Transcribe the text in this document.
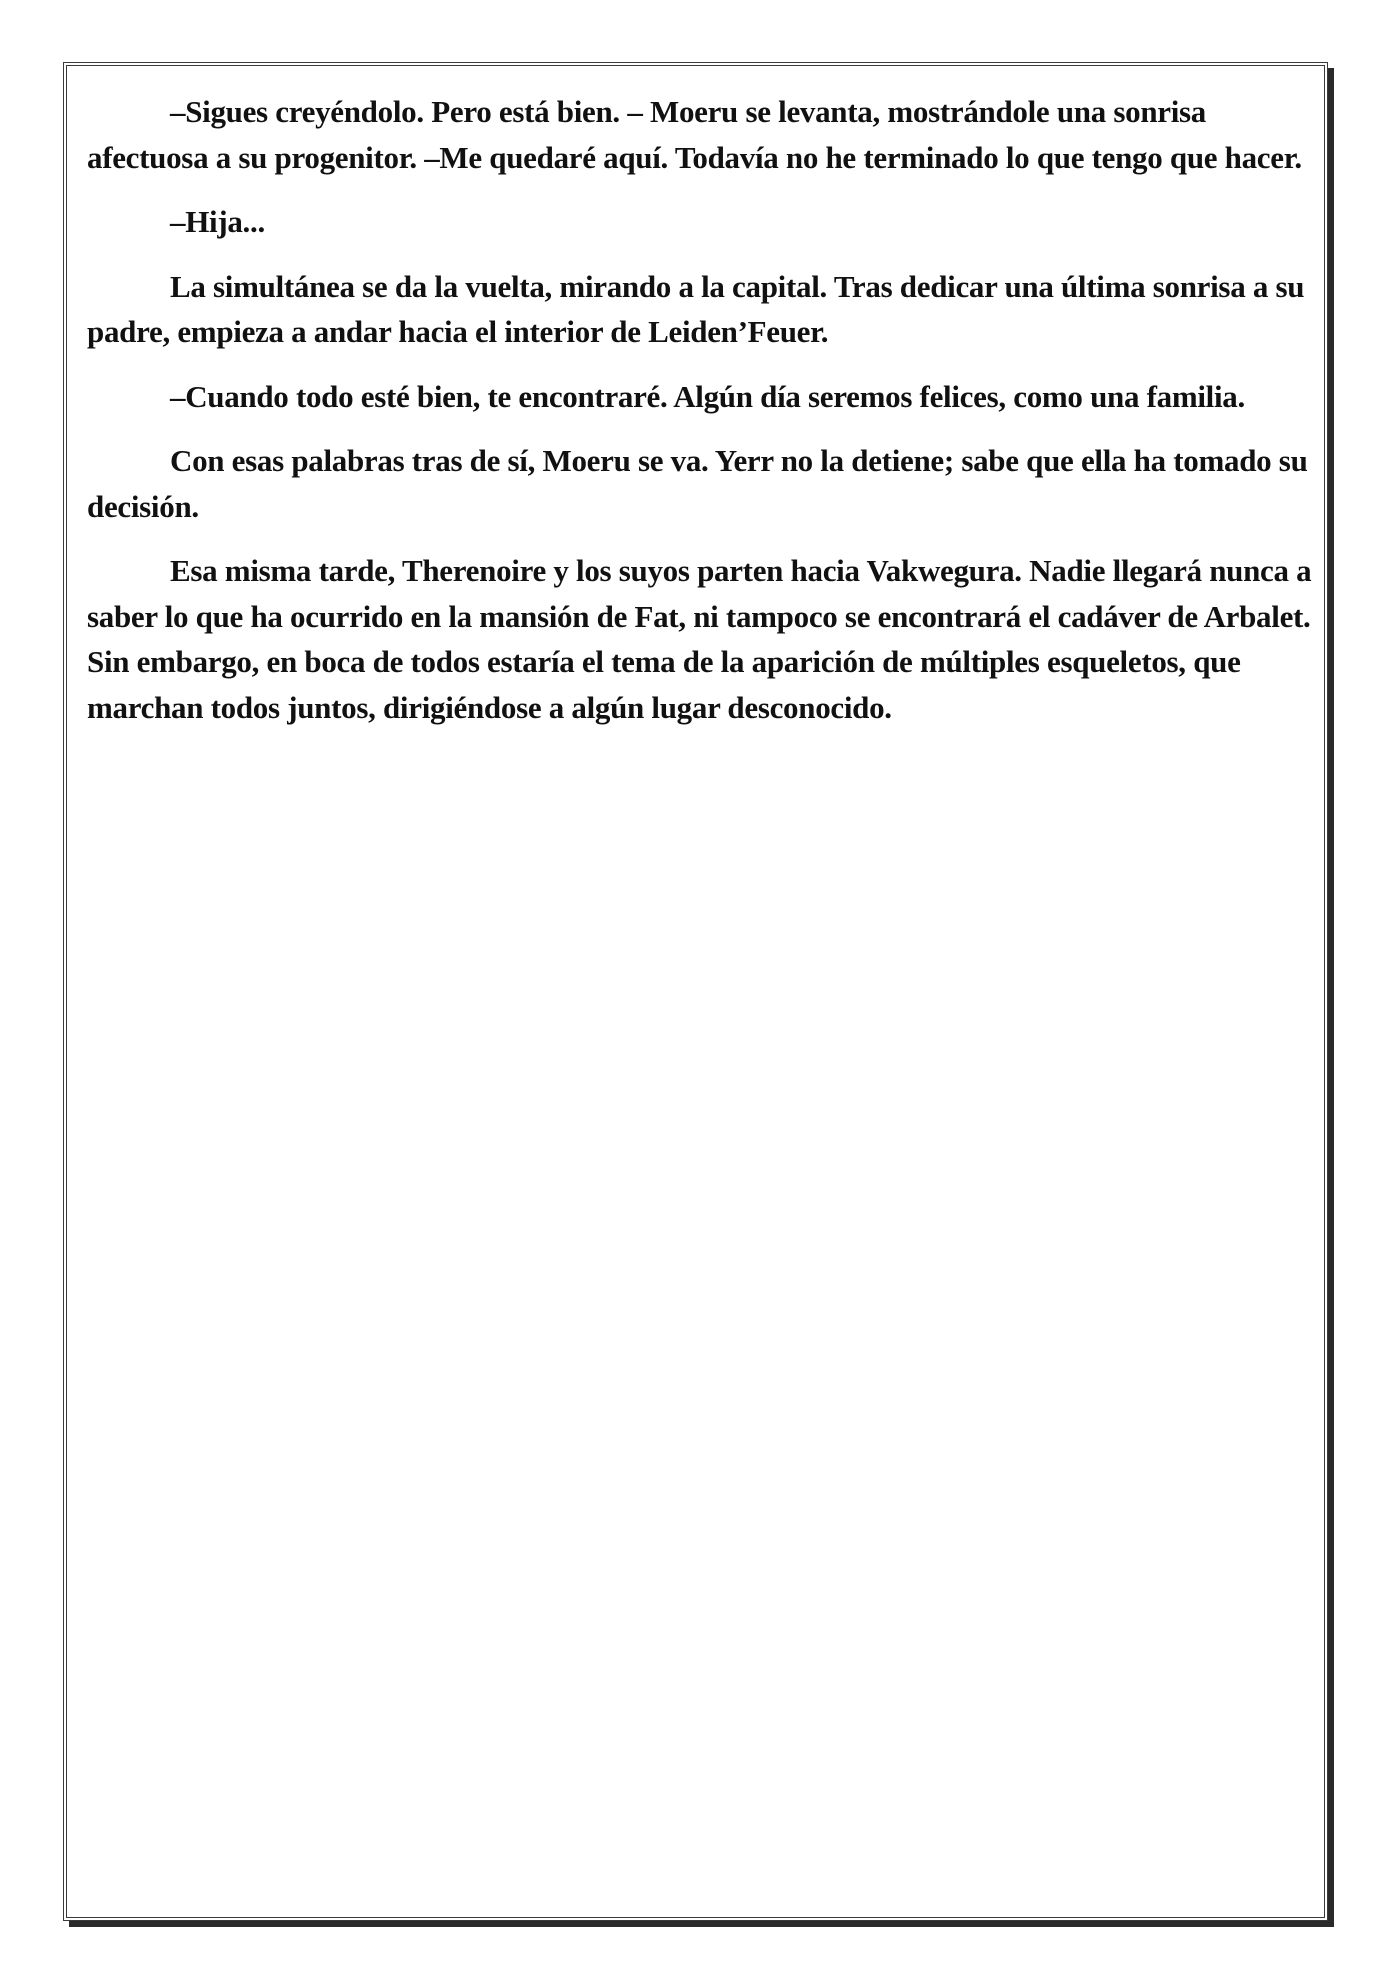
–Sigues creyéndolo. Pero está bien. – Moeru se levanta, mostrándole una sonrisa afectuosa a su progenitor. –Me quedaré aquí. Todavía no he terminado lo que tengo que hacer.

–Hija...

La simultánea se da la vuelta, mirando a la capital. Tras dedicar una última sonrisa a su padre, empieza a andar hacia el interior de Leiden’Feuer.

–Cuando todo esté bien, te encontraré. Algún día seremos felices, como una familia.

Con esas palabras tras de sí, Moeru se va. Yerr no la detiene; sabe que ella ha tomado su decisión.

Esa misma tarde, Therenoire y los suyos parten hacia Vakwegura. Nadie llegará nunca a saber lo que ha ocurrido en la mansión de Fat, ni tampoco se encontrará el cadáver de Arbalet. Sin embargo, en boca de todos estaría el tema de la aparición de múltiples esqueletos, que marchan todos juntos, dirigiéndose a algún lugar desconocido.
